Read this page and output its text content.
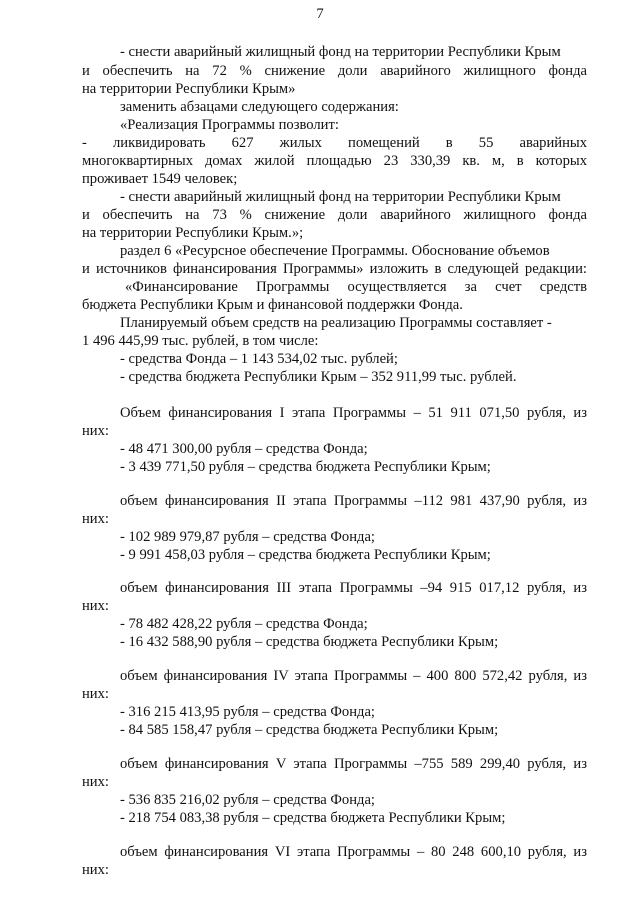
7
- снести аварийный жилищный фонд на территории Республики Крым
и обеспечить на 72 % снижение доли аварийного жилищного фонда
на территории Республики Крым»
заменить абзацами следующего содержания:
«Реализация Программы позволит:
- ликвидировать 627 жилых помещений в 55 аварийных
многоквартирных домах жилой площадью 23 330,39 кв. м, в которых
проживает 1549 человек;
- снести аварийный жилищный фонд на территории Республики Крым
и обеспечить на 73 % снижение доли аварийного жилищного фонда
на территории Республики Крым.»;
раздел 6 «Ресурсное обеспечение Программы. Обоснование объемов
и источников финансирования Программы» изложить в следующей редакции:
«Финансирование Программы осуществляется за счет средств
бюджета Республики Крым и финансовой поддержки Фонда.
Планируемый объем средств на реализацию Программы составляет -
1 496 445,99 тыс. рублей, в том числе:
- средства Фонда – 1 143 534,02 тыс. рублей;
- средства бюджета Республики Крым – 352 911,99 тыс. рублей.
Объем финансирования I этапа Программы – 51 911 071,50 рубля, из
них:
- 48 471 300,00 рубля – средства Фонда;
- 3 439 771,50 рубля – средства бюджета Республики Крым;
объем финансирования II этапа Программы –112 981 437,90 рубля, из
них:
- 102 989 979,87 рубля – средства Фонда;
- 9 991 458,03 рубля – средства бюджета Республики Крым;
объем финансирования III этапа Программы –94 915 017,12 рубля, из
них:
- 78 482 428,22 рубля – средства Фонда;
- 16 432 588,90 рубля – средства бюджета Республики Крым;
объем финансирования IV этапа Программы – 400 800 572,42 рубля, из
них:
- 316 215 413,95 рубля – средства Фонда;
- 84 585 158,47 рубля – средства бюджета Республики Крым;
объем финансирования V этапа Программы –755 589 299,40 рубля, из
них:
- 536 835 216,02 рубля – средства Фонда;
- 218 754 083,38 рубля – средства бюджета Республики Крым;
объем финансирования VI этапа Программы – 80 248 600,10 рубля, из
них:
